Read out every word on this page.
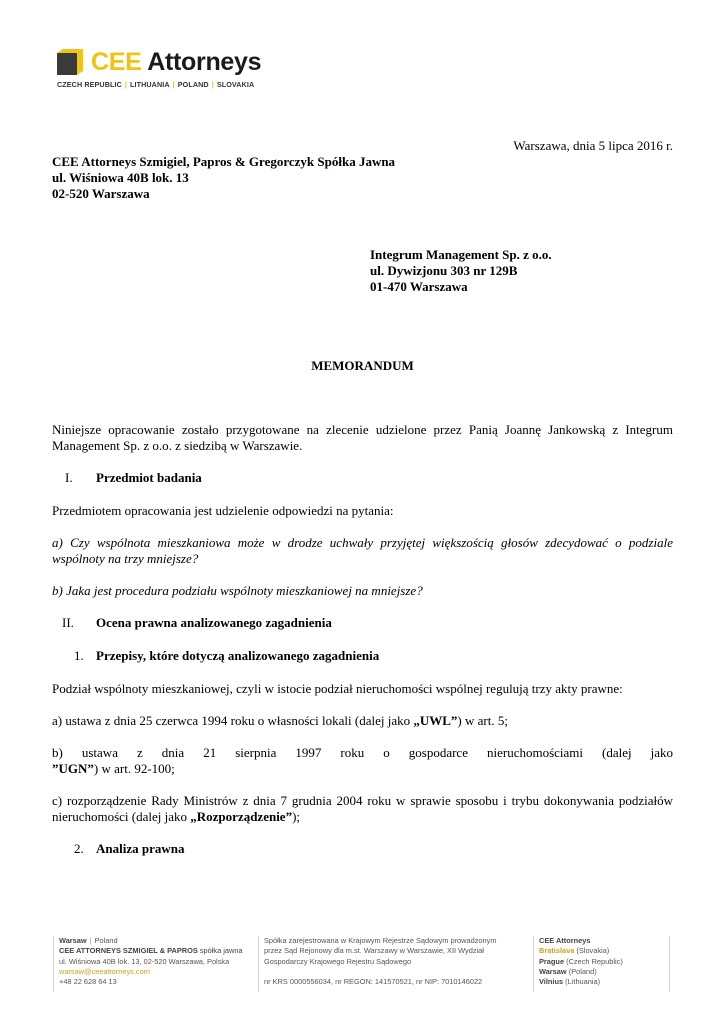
CEE Attorneys
CZECH REPUBLIC | LITHUANIA | POLAND | SLOVAKIA
Warszawa, dnia 5 lipca 2016 r.
CEE Attorneys Szmigiel, Papros & Gregorczyk Spółka Jawna
ul. Wiśniowa 40B lok. 13
02-520 Warszawa
Integrum Management Sp. z o.o.
ul. Dywizjonu 303 nr 129B
01-470 Warszawa
MEMORANDUM
Niniejsze opracowanie zostało przygotowane na zlecenie udzielone przez Panią Joannę Jankowską z Integrum Management Sp. z o.o. z siedzibą w Warszawie.
I. Przedmiot badania
Przedmiotem opracowania jest udzielenie odpowiedzi na pytania:
a) Czy wspólnota mieszkaniowa może w drodze uchwały przyjętej większością głosów zdecydować o podziale wspólnoty na trzy mniejsze?
b) Jaka jest procedura podziału wspólnoty mieszkaniowej na mniejsze?
II. Ocena prawna analizowanego zagadnienia
1. Przepisy, które dotyczą analizowanego zagadnienia
Podział wspólnoty mieszkaniowej, czyli w istocie podział nieruchomości wspólnej regulują trzy akty prawne:
a) ustawa z dnia 25 czerwca 1994 roku o własności lokali (dalej jako „UWL”) w art. 5;
b) ustawa z dnia 21 sierpnia 1997 roku o gospodarce nieruchomościami (dalej jako
”UGN”) w art. 92-100;
c) rozporządzenie Rady Ministrów z dnia 7 grudnia 2004 roku w sprawie sposobu i trybu dokonywania podziałów
nieruchomości (dalej jako „Rozporządzenie”);
2. Analiza prawna
Warsaw | Poland
CEE ATTORNEYS SZMIGIEL & PAPROS spółka jawna
ul. Wiśniowa 40B lok. 13, 02-520 Warszawa, Polska
warsaw@ceeattorneys.com
+48 22 628 64 13
Spółka zarejestrowana w Krajowym Rejestrze Sądowym prowadzonym
przez Sąd Rejonowy dla m.st. Warszawy w Warszawie, XII Wydział
Gospodarczy Krajowego Rejestru Sądowego
nr KRS 0000556034, nr REGON: 141570521, nr NIP: 7010146022
CEE Attorneys
Bratislava (Slovakia)
Prague (Czech Republic)
Warsaw (Poland)
Vilnius (Lithuania)
